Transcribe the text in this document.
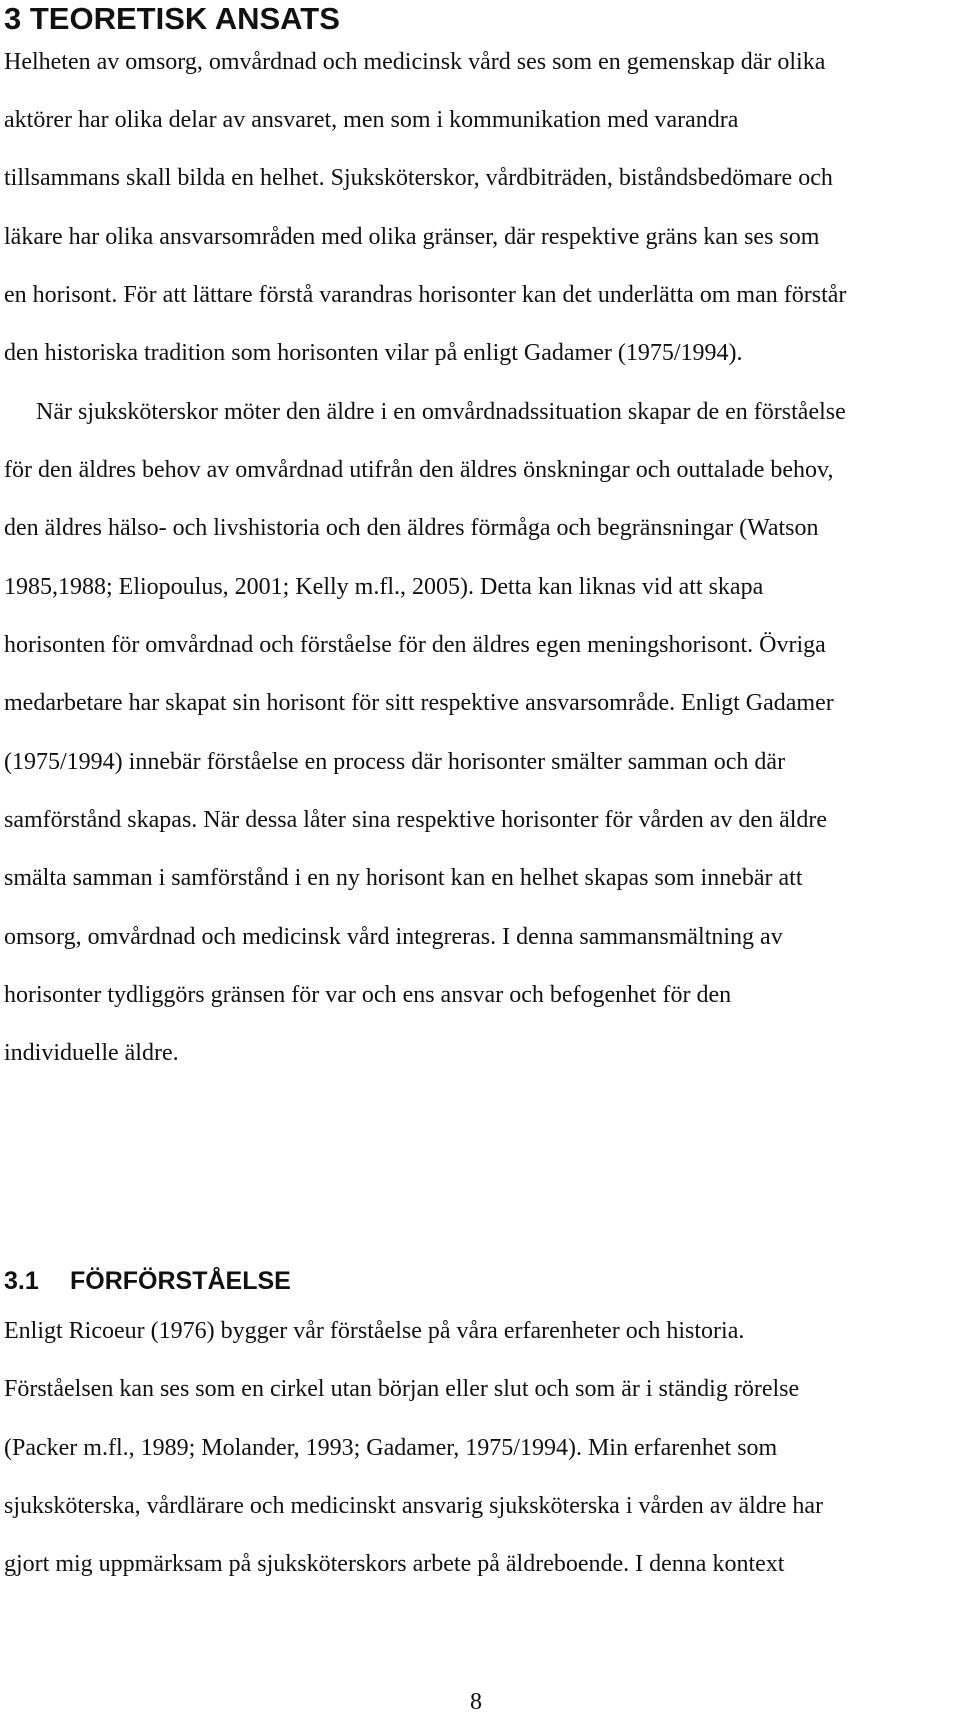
3 TEORETISK ANSATS

Helheten av omsorg, omvårdnad och medicinsk vård ses som en gemenskap där olika

aktörer har olika delar av ansvaret, men som i kommunikation med varandra

tillsammans skall bilda en helhet. Sjuksköterskor, vårdbiträden, biståndsbedömare och

läkare har olika ansvarsområden med olika gränser, där respektive gräns kan ses som

en horisont. För att lättare förstå varandras horisonter kan det underlätta om man förstår

den historiska tradition som horisonten vilar på enligt Gadamer (1975/1994).

När sjuksköterskor möter den äldre i en omvårdnadssituation skapar de en förståelse

för den äldres behov av omvårdnad utifrån den äldres önskningar och outtalade behov,

den äldres hälso- och livshistoria och den äldres förmåga och begränsningar (Watson

1985,1988; Eliopoulus, 2001; Kelly m.fl., 2005). Detta kan liknas vid att skapa

horisonten för omvårdnad och förståelse för den äldres egen meningshorisont. Övriga

medarbetare har skapat sin horisont för sitt respektive ansvarsområde. Enligt Gadamer

(1975/1994) innebär förståelse en process där horisonter smälter samman och där

samförstånd skapas. När dessa låter sina respektive horisonter för vården av den äldre

smälta samman i samförstånd i en ny horisont kan en helhet skapas som innebär att

omsorg, omvårdnad och medicinsk vård integreras. I denna sammansmältning av

horisonter tydliggörs gränsen för var och ens ansvar och befogenhet för den

individuelle äldre.

3.1 FÖRFÖRSTÅELSE

Enligt Ricoeur (1976) bygger vår förståelse på våra erfarenheter och historia.

Förståelsen kan ses som en cirkel utan början eller slut och som är i ständig rörelse

(Packer m.fl., 1989; Molander, 1993; Gadamer, 1975/1994). Min erfarenhet som

sjuksköterska, vårdlärare och medicinskt ansvarig sjuksköterska i vården av äldre har

gjort mig uppmärksam på sjuksköterskors arbete på äldreboende. I denna kontext

8
